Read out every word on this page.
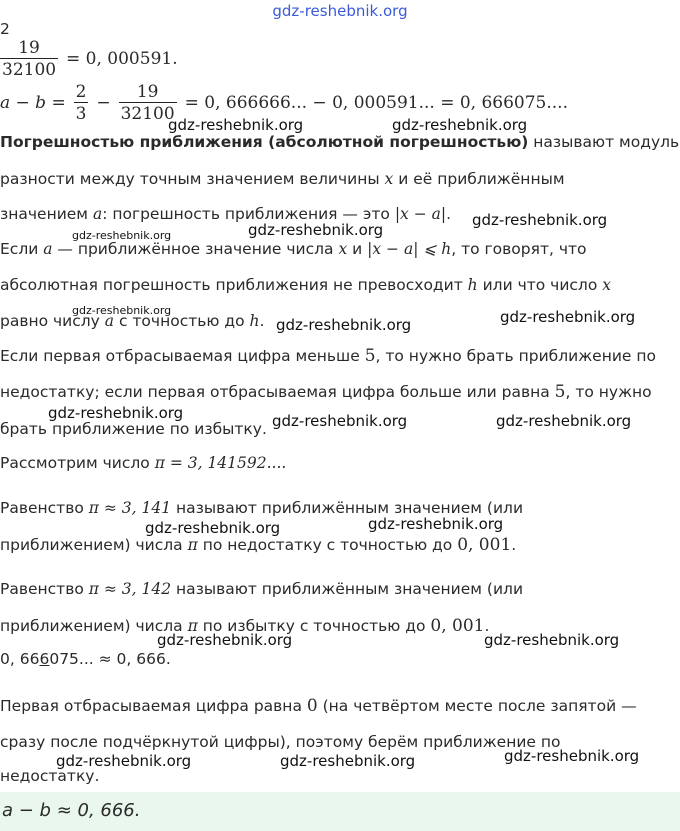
gdz-reshebnik.org
2
$\frac{19}{32100} = 0$, 000591.
$a - b = \frac{2}{3} - \frac{19}{32100} = 0$, 666666... − 0, 000591... = 0, 666075....
Погрешностью приближения (абсолютной погрешностью) называют модуль
разности между точным значением величины x и её приближённым
значением a: погрешность приближения — это |x − a|.
Если a — приближённое значение числа x и |x − a| ⩽ h, то говорят, что
абсолютная погрешность приближения не превосходит h или что число x
равно числу a с точностью до h.
Если первая отбрасываемая цифра меньше 5, то нужно брать приближение по
недостатку; если первая отбрасываемая цифра больше или равна 5, то нужно
брать приближение по избытку.
Рассмотрим число π = 3, 141592....
Равенство π ≈ 3, 141 называют приближённым значением (или
приближением) числа π по недостатку с точностью до 0, 001.
Равенство π ≈ 3, 142 называют приближённым значением (или
приближением) числа π по избытку с точностью до 0, 001.
0, 666075... ≈ 0, 666.
Первая отбрасываемая цифра равна 0 (на четвёртом месте после запятой —
сразу после подчёркнутой цифры), поэтому берём приближение по
недостатку.
a − b ≈ 0, 666.
gdz-reshebnik.org	gdz-reshebnik.org
gdz-reshebnik.org
gdz-reshebnik.org	gdz-reshebnik.org
gdz-reshebnik.org
gdz-reshebnik.org	gdz-reshebnik.org
gdz-reshebnik.org	gdz-reshebnik.org	gdz-reshebnik.org
gdz-reshebnik.org	gdz-reshebnik.org
gdz-reshebnik.org	gdz-reshebnik.org
gdz-reshebnik.org	gdz-reshebnik.org	gdz-reshebnik.org
